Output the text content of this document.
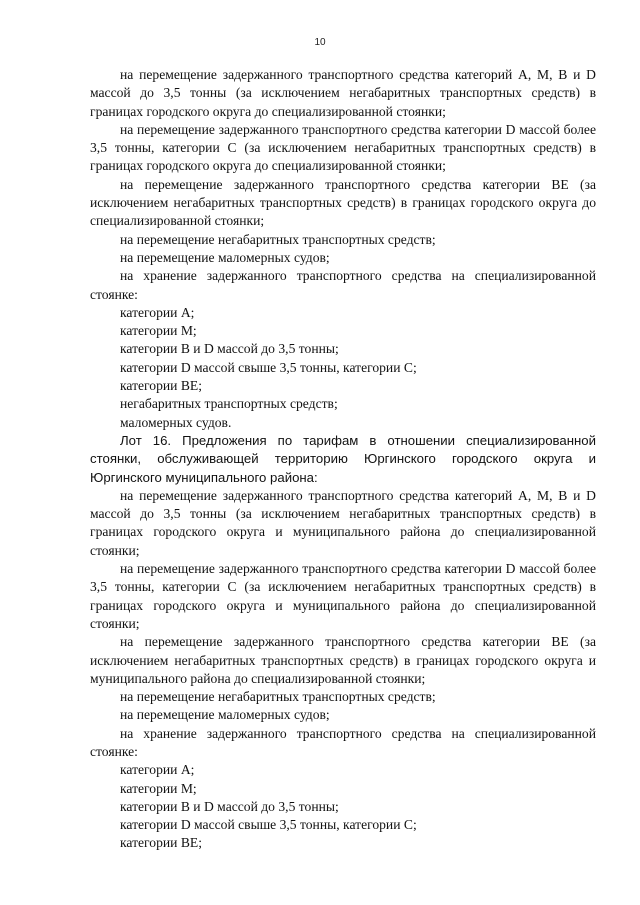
10

на перемещение задержанного транспортного средства категорий А, М, В и D массой до 3,5 тонны (за исключением негабаритных транспортных средств) в границах городского округа до специализированной стоянки;

на перемещение задержанного транспортного средства категории D массой более 3,5 тонны, категории С (за исключением негабаритных транспортных средств) в границах городского округа до специализированной стоянки;

на перемещение задержанного транспортного средства категории ВЕ (за исключением негабаритных транспортных средств) в границах городского округа до специализированной стоянки;

на перемещение негабаритных транспортных средств;

на перемещение маломерных судов;

на хранение задержанного транспортного средства на специализированной стоянке:

категории А;

категории М;

категории В и D массой до 3,5 тонны;

категории D массой свыше 3,5 тонны, категории С;

категории ВЕ;

негабаритных транспортных средств;

маломерных судов.

Лот 16. Предложения по тарифам в отношении специализированной стоянки, обслуживающей территорию Юргинского городского округа и Юргинского муниципального района:

на перемещение задержанного транспортного средства категорий А, М, В и D массой до 3,5 тонны (за исключением негабаритных транспортных средств) в границах городского округа и муниципального района до специализированной стоянки;

на перемещение задержанного транспортного средства категории D массой более 3,5 тонны, категории С (за исключением негабаритных транспортных средств) в границах городского округа и муниципального района до специализированной стоянки;

на перемещение задержанного транспортного средства категории ВЕ (за исключением негабаритных транспортных средств) в границах городского округа и муниципального района до специализированной стоянки;

на перемещение негабаритных транспортных средств;

на перемещение маломерных судов;

на хранение задержанного транспортного средства на специализированной стоянке:

категории А;

категории М;

категории В и D массой до 3,5 тонны;

категории D массой свыше 3,5 тонны, категории С;

категории ВЕ;
